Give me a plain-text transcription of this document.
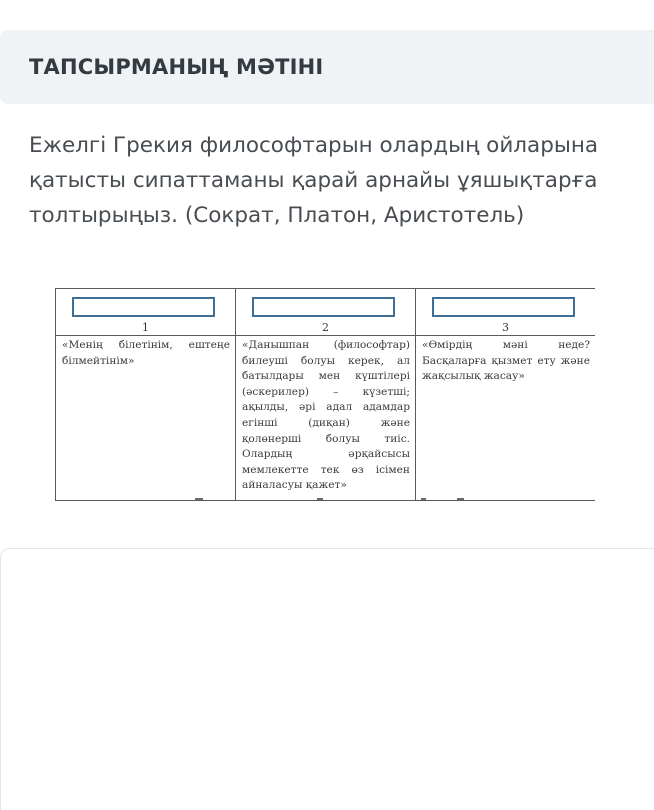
ТАПСЫРМАНЫҢ МӘТІНІ
Ежелгі Грекия философтарын олардың ойларына қатысты сипаттаманы қарай арнайы ұяшықтарға толтырыңыз. (Сократ, Платон, Аристотель)
1	2	3

«Менің білетінім, ештеңе білмейтінім»	«Данышпан (философтар) билеуші болуы керек, ал батылдары мен күштілері (әскерилер) – күзетші; ақылды, әрі адал адамдар егінші (диқан) және қолөнерші болуы тиіс. Олардың әрқайсысы мемлекетте тек өз ісімен айналасуы қажет»	«Өмірдің мәні неде? Басқаларға қызмет ету және жақсылық жасау»
